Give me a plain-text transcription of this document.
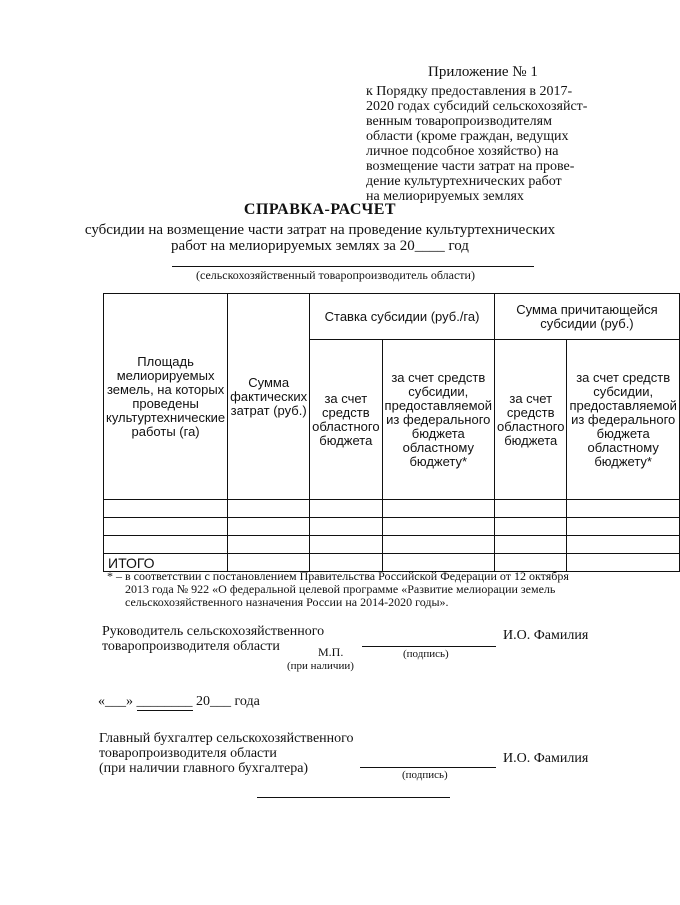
Приложение № 1
к Порядку предоставления в 2017-
2020 годах субсидий сельскохозяйст-
венным товаропроизводителям
области (кроме граждан, ведущих
личное подсобное хозяйство) на
возмещение части затрат на прове-
дение культуртехнических работ
на мелиорируемых землях
СПРАВКА-РАСЧЕТ
субсидии на возмещение части затрат на проведение культуртехнических
работ на мелиорируемых землях за 20____ год
(сельскохозяйственный товаропроизводитель области)
Площадь мелиорируемых земель, на которых проведены культуртехнические работы (га)	Сумма фактических затрат (руб.)	Ставка субсидии (руб./га)		Сумма причитающейся субсидии (руб.)	
		за счет средств областного бюджета	за счет средств субсидии, предоставляемой из федерального бюджета областному бюджету*	за счет средств областного бюджета	за счет средств субсидии, предоставляемой из федерального бюджета областному бюджету*

ИТОГО					
* – в соответствии с постановлением Правительства Российской Федерации от 12 октября
2013 года № 922 «О федеральной целевой программе «Развитие мелиорации земель
сельскохозяйственного назначения России на 2014-2020 годы».
Руководитель сельскохозяйственного
товаропроизводителя области
И.О. Фамилия
(подпись)
М.П.
(при наличии)
«___» ________ 20___ года
Главный бухгалтер сельскохозяйственного
товаропроизводителя области
(при наличии главного бухгалтера)
И.О. Фамилия
(подпись)
